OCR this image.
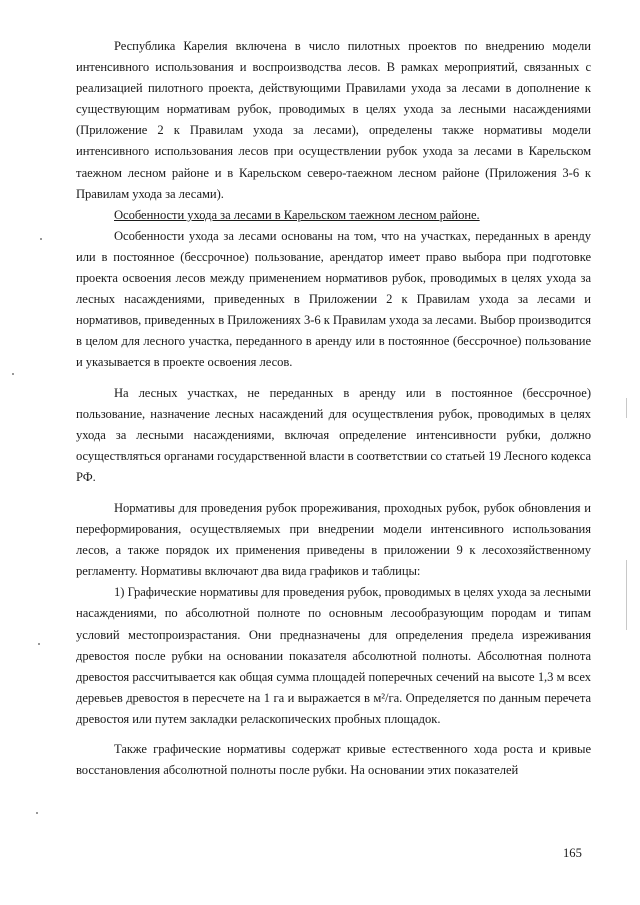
Республика Карелия включена в число пилотных проектов по внедрению модели интенсивного использования и воспроизводства лесов. В рамках мероприятий, связанных с реализацией пилотного проекта, действующими Правилами ухода за лесами в дополнение к существующим нормативам рубок, проводимых в целях ухода за лесными насаждениями (Приложение 2 к Правилам ухода за лесами), определены также нормативы модели интенсивного использования лесов при осуществлении рубок ухода за лесами в Карельском таежном лесном районе и в Карельском северо-таежном лесном районе (Приложения 3-6 к Правилам ухода за лесами).

Особенности ухода за лесами в Карельском таежном лесном районе.

Особенности ухода за лесами основаны на том, что на участках, переданных в аренду или в постоянное (бессрочное) пользование, арендатор имеет право выбора при подготовке проекта освоения лесов между применением нормативов рубок, проводимых в целях ухода за лесных насаждениями, приведенных в Приложении 2 к Правилам ухода за лесами и нормативов, приведенных в Приложениях 3-6 к Правилам ухода за лесами. Выбор производится в целом для лесного участка, переданного в аренду или в постоянное (бессрочное) пользование и указывается в проекте освоения лесов.

На лесных участках, не переданных в аренду или в постоянное (бессрочное) пользование, назначение лесных насаждений для осуществления рубок, проводимых в целях ухода за лесными насаждениями, включая определение интенсивности рубки, должно осуществляться органами государственной власти в соответствии со статьей 19 Лесного кодекса РФ.

Нормативы для проведения рубок прореживания, проходных рубок, рубок обновления и переформирования, осуществляемых при внедрении модели интенсивного использования лесов, а также порядок их применения приведены в приложении 9 к лесохозяйственному регламенту. Нормативы включают два вида графиков и таблицы:

1) Графические нормативы для проведения рубок, проводимых в целях ухода за лесными насаждениями, по абсолютной полноте по основным лесообразующим породам и типам условий местопроизрастания. Они предназначены для определения предела изреживания древостоя после рубки на основании показателя абсолютной полноты. Абсолютная полнота древостоя рассчитывается как общая сумма площадей поперечных сечений на высоте 1,3 м всех деревьев древостоя в пересчете на 1 га и выражается в м²/га. Определяется по данным перечета древостоя или путем закладки реласкопических пробных площадок.

Также графические нормативы содержат кривые естественного хода роста и кривые восстановления абсолютной полноты после рубки. На основании этих показателей

165
